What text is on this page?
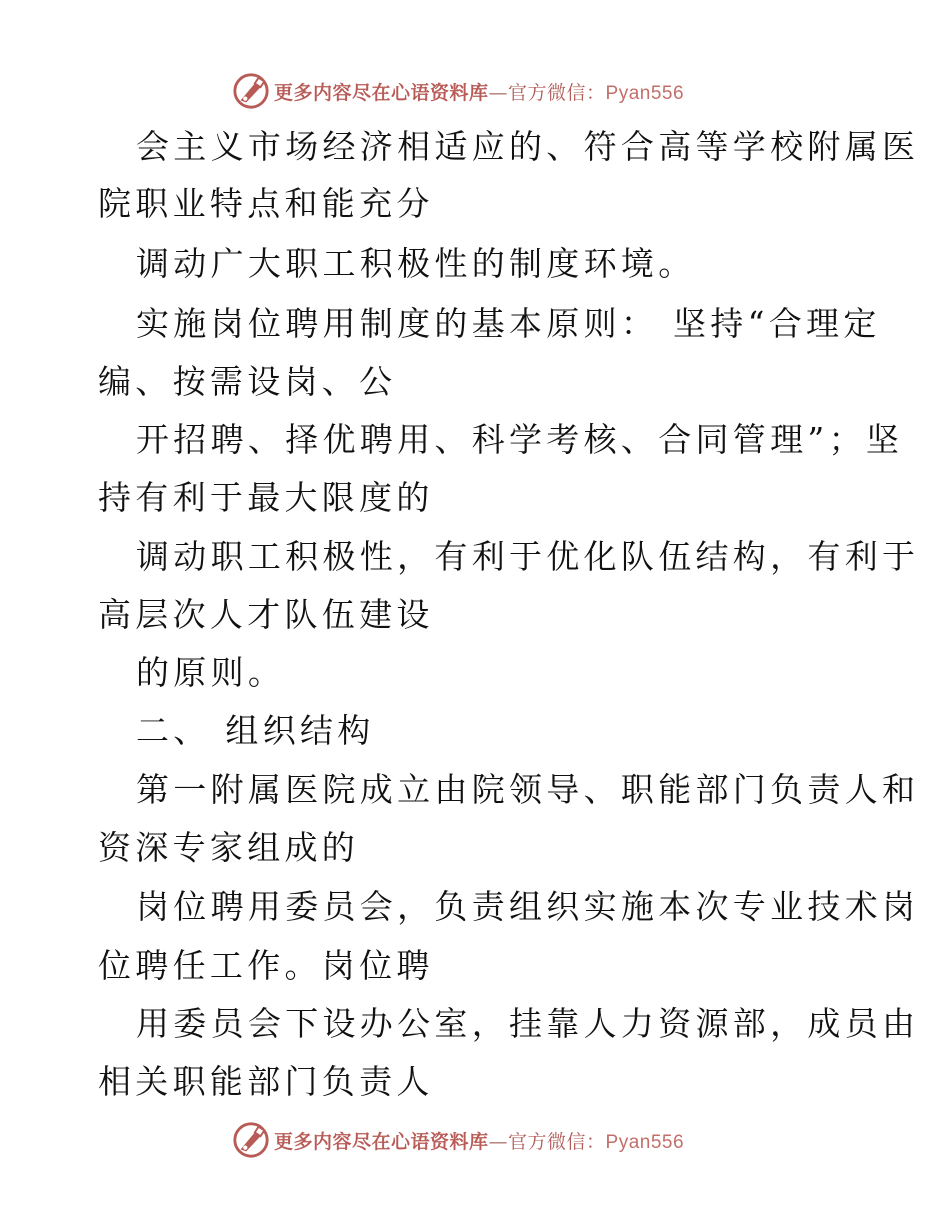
更多内容尽在心语资料库—官方微信：Pyan556
会主义市场经济相适应的、符合高等学校附属医
院职业特点和能充分
调动广大职工积极性的制度环境。
实施岗位聘用制度的基本原则： 坚持“合理定
编、按需设岗、公
开招聘、择优聘用、科学考核、合同管理”；坚
持有利于最大限度的
调动职工积极性，有利于优化队伍结构，有利于
高层次人才队伍建设
的原则。
二、 组织结构
第一附属医院成立由院领导、职能部门负责人和
资深专家组成的
岗位聘用委员会，负责组织实施本次专业技术岗
位聘任工作。岗位聘
用委员会下设办公室，挂靠人力资源部，成员由
相关职能部门负责人
更多内容尽在心语资料库—官方微信：Pyan556
